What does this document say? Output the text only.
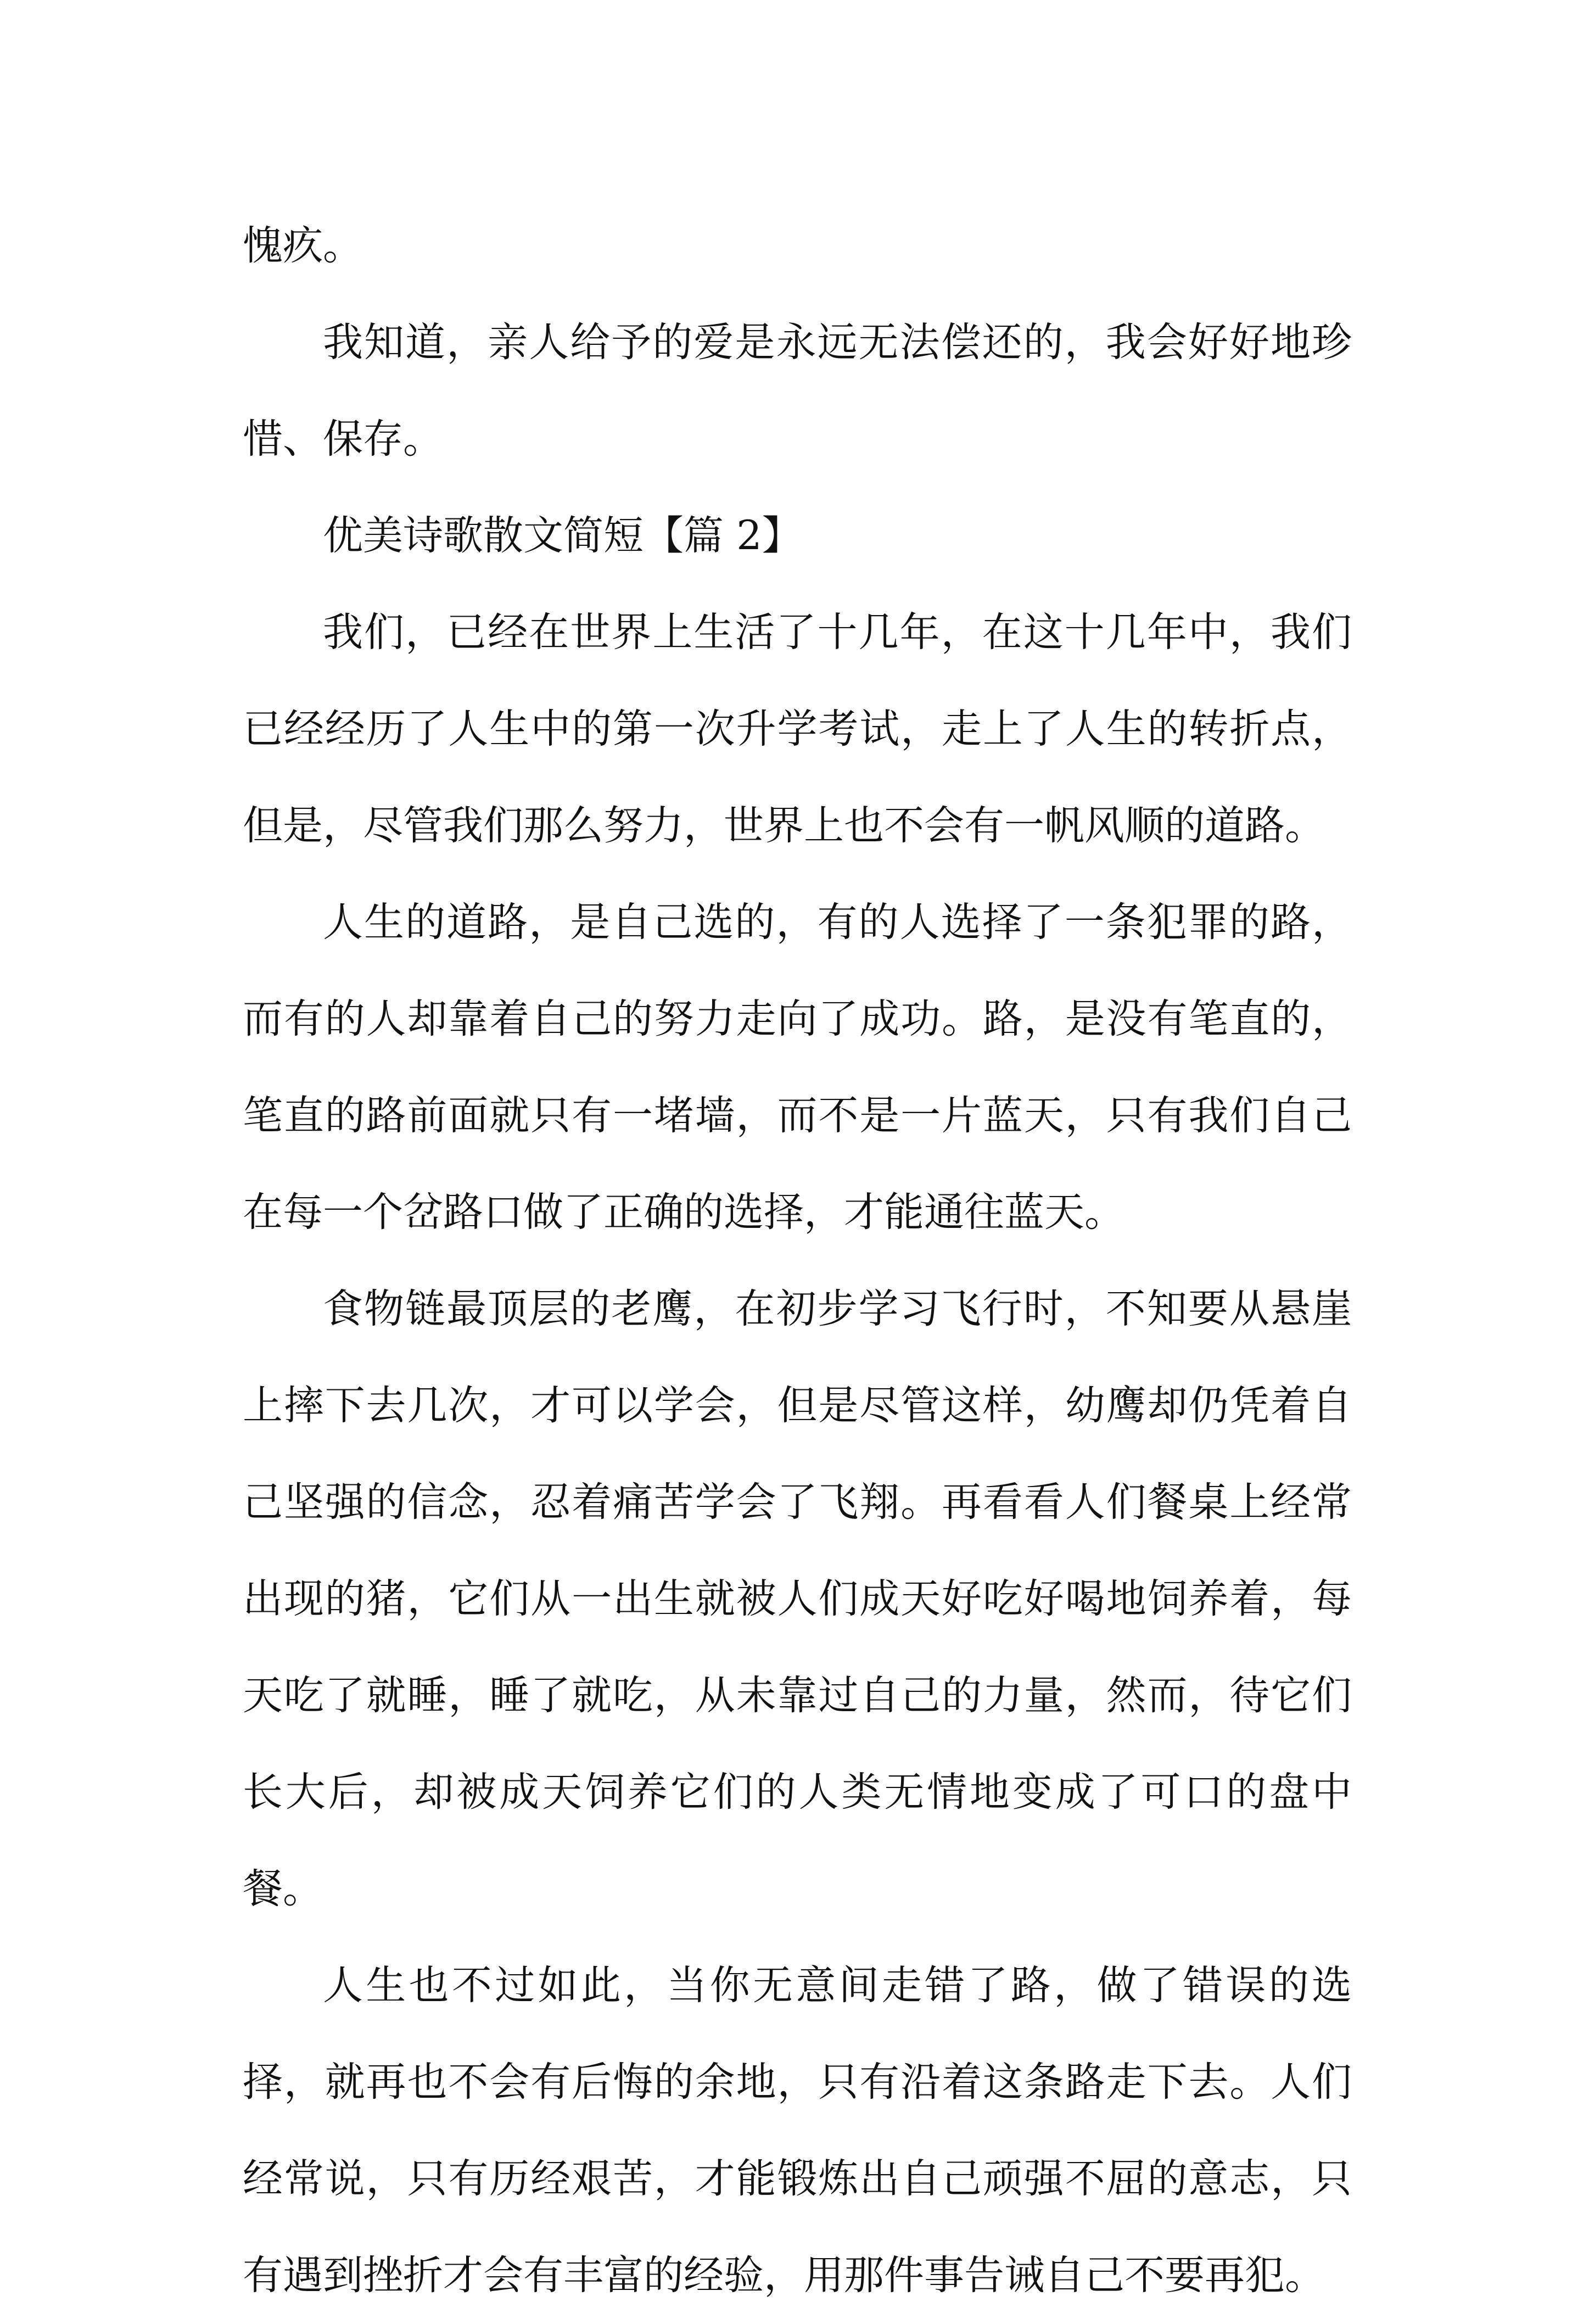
愧疚。

我知道，亲人给予的爱是永远无法偿还的，我会好好地珍惜、保存。

优美诗歌散文简短【篇 2】

我们，已经在世界上生活了十几年，在这十几年中，我们已经经历了人生中的第一次升学考试，走上了人生的转折点，但是，尽管我们那么努力，世界上也不会有一帆风顺的道路。

人生的道路，是自己选的，有的人选择了一条犯罪的路，而有的人却靠着自己的努力走向了成功。路，是没有笔直的，笔直的路前面就只有一堵墙，而不是一片蓝天，只有我们自己在每一个岔路口做了正确的选择，才能通往蓝天。

食物链最顶层的老鹰，在初步学习飞行时，不知要从悬崖上摔下去几次，才可以学会，但是尽管这样，幼鹰却仍凭着自己坚强的信念，忍着痛苦学会了飞翔。再看看人们餐桌上经常出现的猪，它们从一出生就被人们成天好吃好喝地饲养着，每天吃了就睡，睡了就吃，从未靠过自己的力量，然而，待它们长大后，却被成天饲养它们的人类无情地变成了可口的盘中餐。

人生也不过如此，当你无意间走错了路，做了错误的选择，就再也不会有后悔的余地，只有沿着这条路走下去。人们经常说，只有历经艰苦，才能锻炼出自己顽强不屈的意志，只有遇到挫折才会有丰富的经验，用那件事告诫自己不要再犯。
